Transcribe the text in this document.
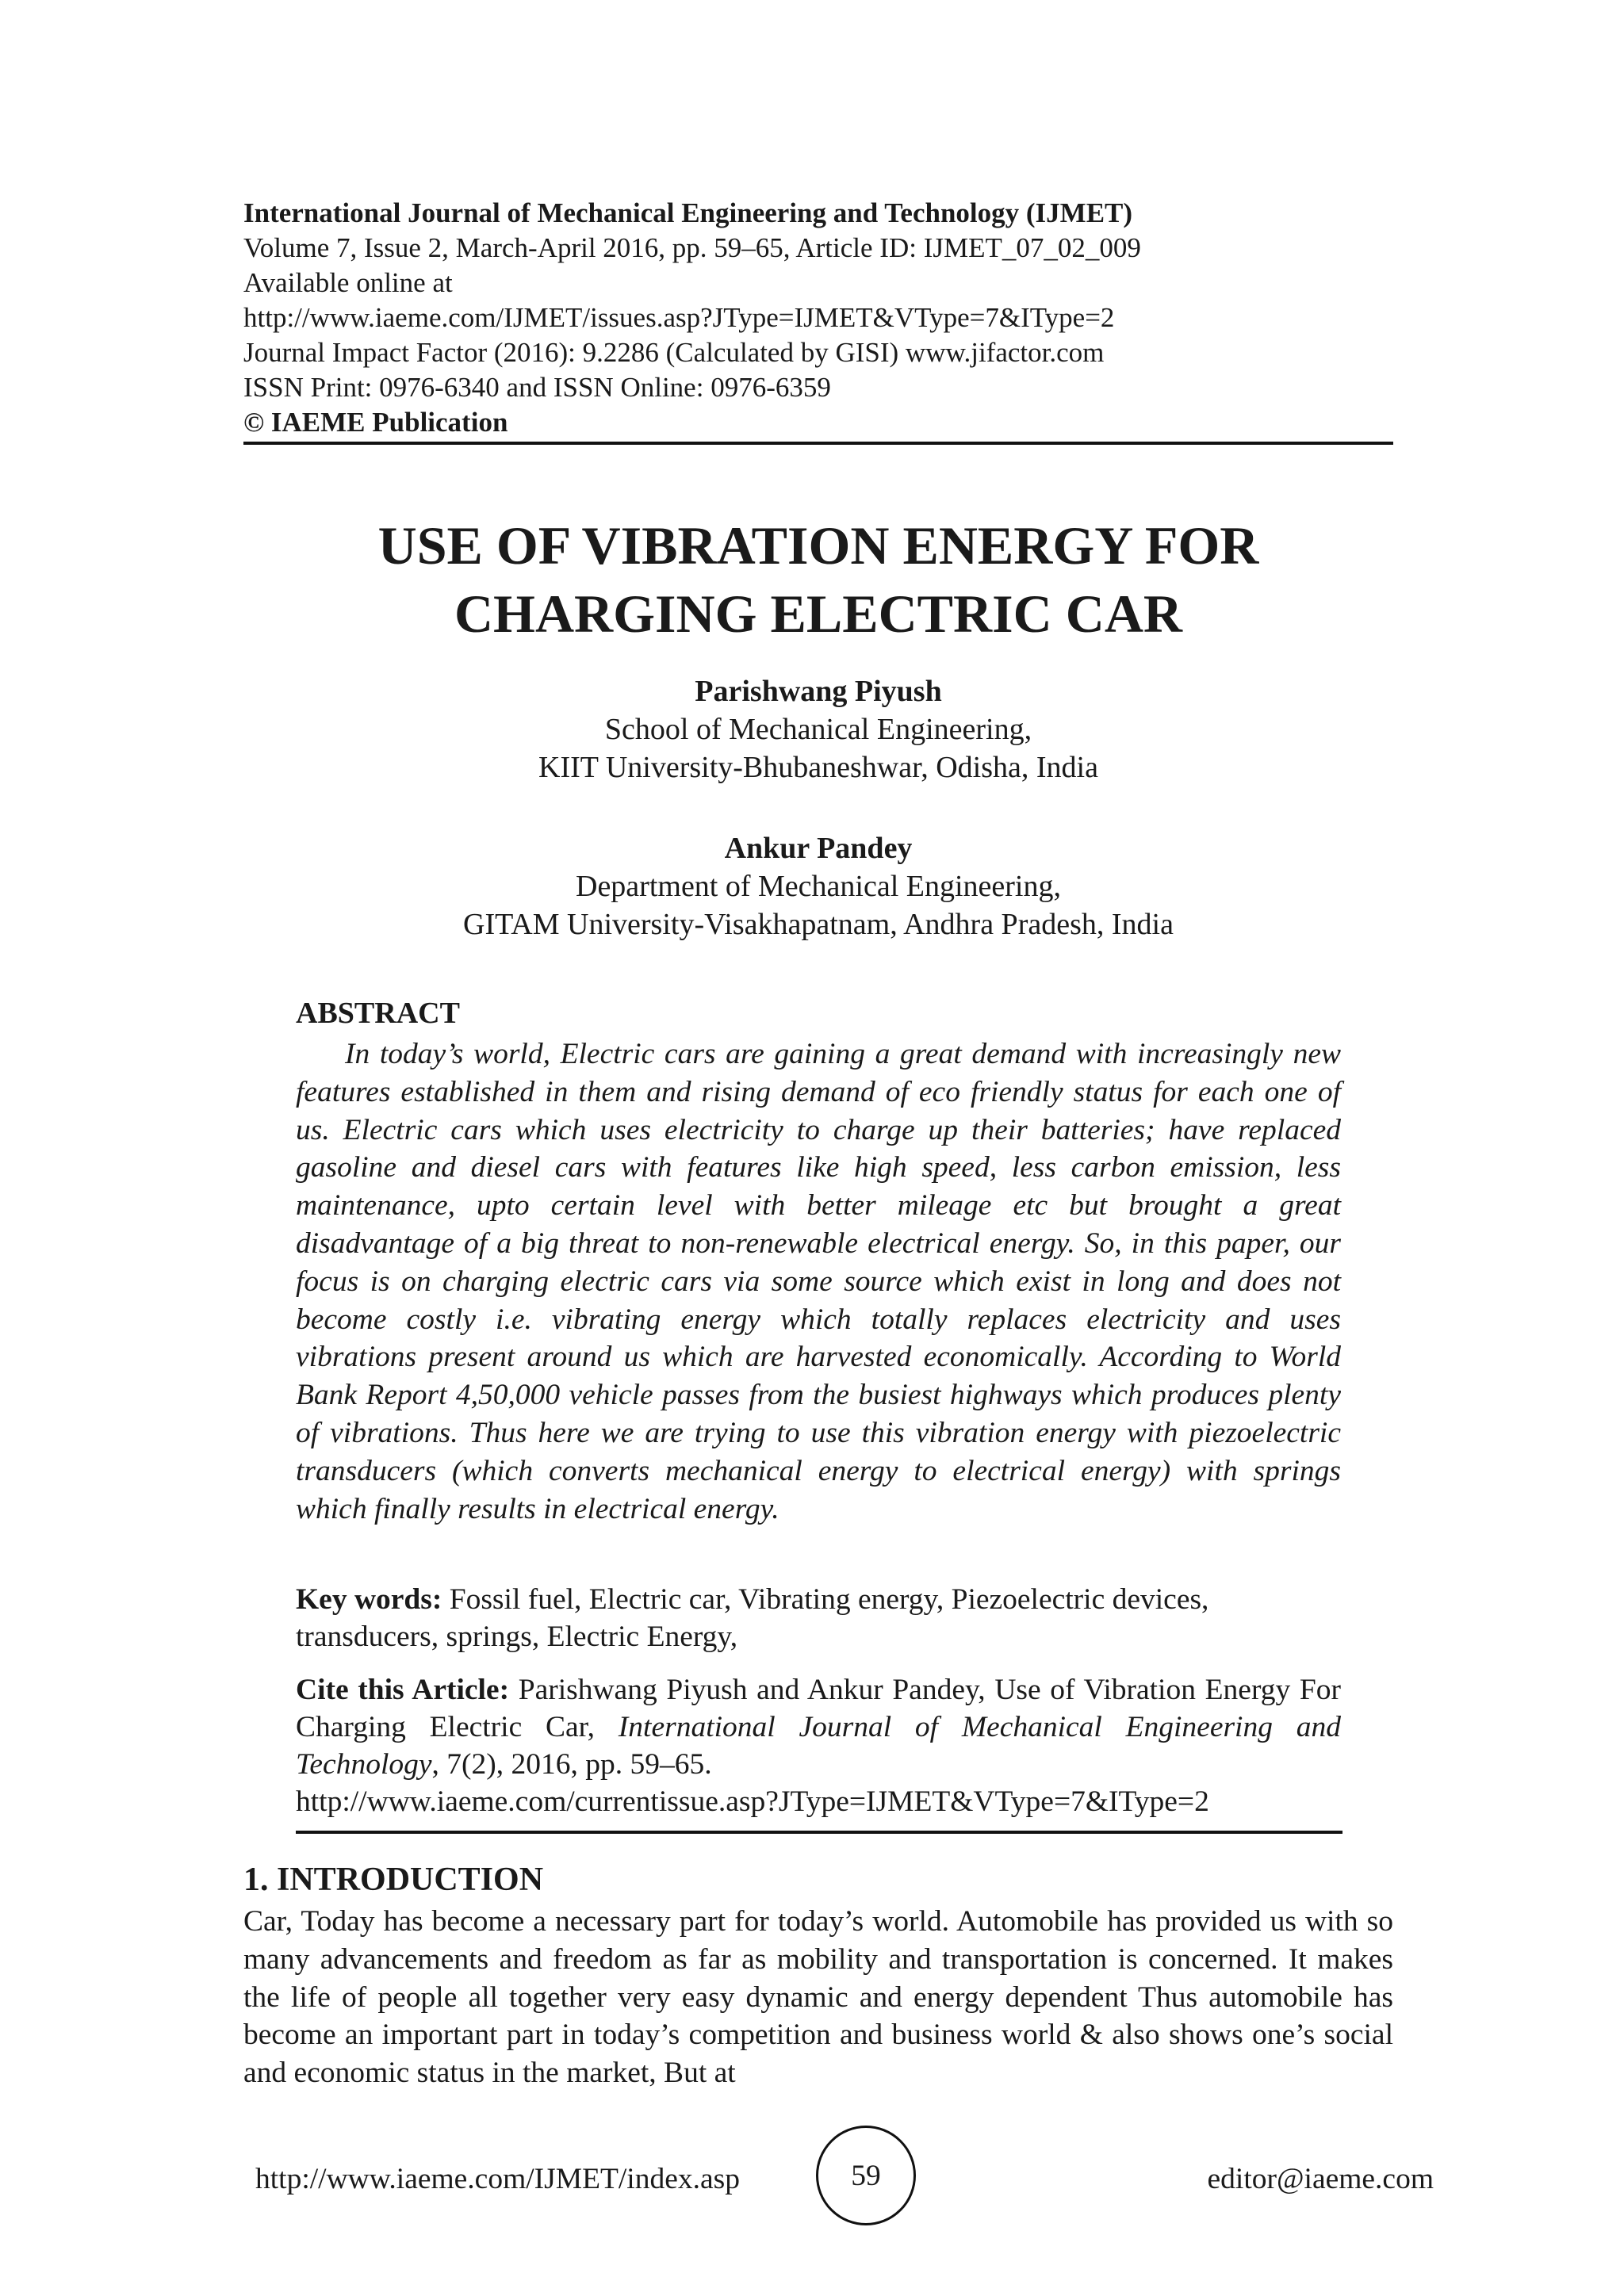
International Journal of Mechanical Engineering and Technology (IJMET)
Volume 7, Issue 2, March-April 2016, pp. 59–65, Article ID: IJMET_07_02_009
Available online at
http://www.iaeme.com/IJMET/issues.asp?JType=IJMET&VType=7&IType=2
Journal Impact Factor (2016): 9.2286 (Calculated by GISI) www.jifactor.com
ISSN Print: 0976-6340 and ISSN Online: 0976-6359
© IAEME Publication
USE OF VIBRATION ENERGY FOR
CHARGING ELECTRIC CAR
Parishwang Piyush
School of Mechanical Engineering,
KIIT University-Bhubaneshwar, Odisha, India
Ankur Pandey
Department of Mechanical Engineering,
GITAM University-Visakhapatnam, Andhra Pradesh, India
ABSTRACT

In today’s world, Electric cars are gaining a great demand with increasingly new features established in them and rising demand of eco friendly status for each one of us. Electric cars which uses electricity to charge up their batteries; have replaced gasoline and diesel cars with features like high speed, less carbon emission, less maintenance, upto certain level with better mileage etc but brought a great disadvantage of a big threat to non-renewable electrical energy. So, in this paper, our focus is on charging electric cars via some source which exist in long and does not become costly i.e. vibrating energy which totally replaces electricity and uses vibrations present around us which are harvested economically. According to World Bank Report 4,50,000 vehicle passes from the busiest highways which produces plenty of vibrations. Thus here we are trying to use this vibration energy with piezoelectric transducers (which converts mechanical energy to electrical energy) with springs which finally results in electrical energy.

Key words: Fossil fuel, Electric car, Vibrating energy, Piezoelectric devices, transducers, springs, Electric Energy,

Cite this Article: Parishwang Piyush and Ankur Pandey, Use of Vibration Energy For Charging Electric Car, International Journal of Mechanical Engineering and Technology, 7(2), 2016, pp. 59–65.
http://www.iaeme.com/currentissue.asp?JType=IJMET&VType=7&IType=2

1. INTRODUCTION

Car, Today has become a necessary part for today’s world. Automobile has provided us with so many advancements and freedom as far as mobility and transportation is concerned. It makes the life of people all together very easy dynamic and energy dependent Thus automobile has become an important part in today’s competition and business world & also shows one’s social and economic status in the market, But at

http://www.iaeme.com/IJMET/index.asp	59	editor@iaeme.com
